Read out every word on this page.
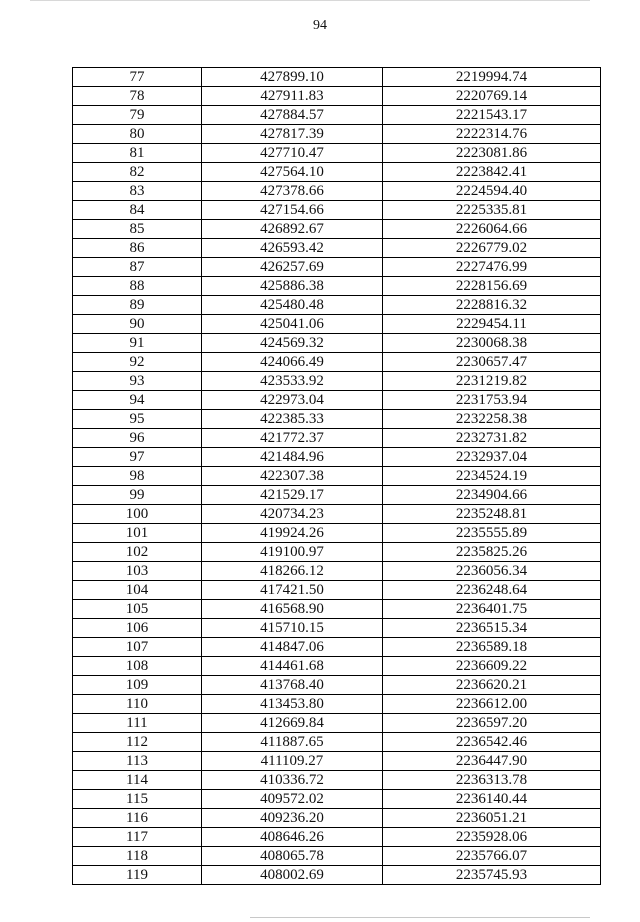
94
77	427899.10	2219994.74
78	427911.83	2220769.14
79	427884.57	2221543.17
80	427817.39	2222314.76
81	427710.47	2223081.86
82	427564.10	2223842.41
83	427378.66	2224594.40
84	427154.66	2225335.81
85	426892.67	2226064.66
86	426593.42	2226779.02
87	426257.69	2227476.99
88	425886.38	2228156.69
89	425480.48	2228816.32
90	425041.06	2229454.11
91	424569.32	2230068.38
92	424066.49	2230657.47
93	423533.92	2231219.82
94	422973.04	2231753.94
95	422385.33	2232258.38
96	421772.37	2232731.82
97	421484.96	2232937.04
98	422307.38	2234524.19
99	421529.17	2234904.66
100	420734.23	2235248.81
101	419924.26	2235555.89
102	419100.97	2235825.26
103	418266.12	2236056.34
104	417421.50	2236248.64
105	416568.90	2236401.75
106	415710.15	2236515.34
107	414847.06	2236589.18
108	414461.68	2236609.22
109	413768.40	2236620.21
110	413453.80	2236612.00
111	412669.84	2236597.20
112	411887.65	2236542.46
113	411109.27	2236447.90
114	410336.72	2236313.78
115	409572.02	2236140.44
116	409236.20	2236051.21
117	408646.26	2235928.06
118	408065.78	2235766.07
119	408002.69	2235745.93
